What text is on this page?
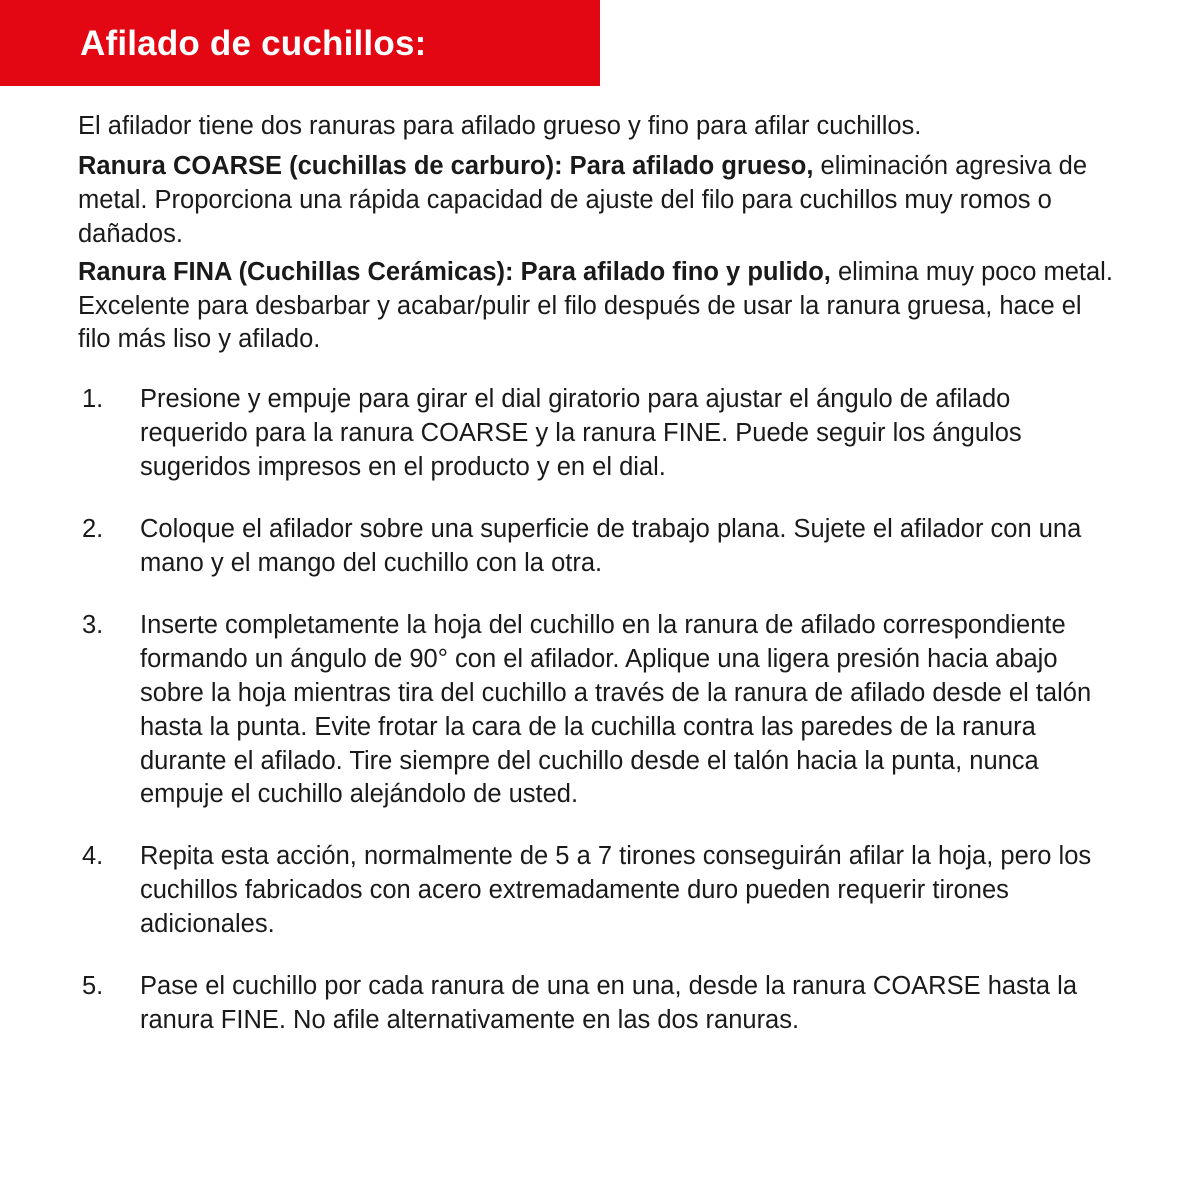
Afilado de cuchillos:

El afilador tiene dos ranuras para afilado grueso y fino para afilar cuchillos.

Ranura COARSE (cuchillas de carburo): Para afilado grueso, eliminación agresiva de metal. Proporciona una rápida capacidad de ajuste del filo para cuchillos muy romos o dañados.

Ranura FINA (Cuchillas Cerámicas): Para afilado fino y pulido, elimina muy poco metal. Excelente para desbarbar y acabar/pulir el filo después de usar la ranura gruesa, hace el filo más liso y afilado.

1.	Presione y empuje para girar el dial giratorio para ajustar el ángulo de afilado requerido para la ranura COARSE y la ranura FINE. Puede seguir los ángulos sugeridos impresos en el producto y en el dial.
2.	Coloque el afilador sobre una superficie de trabajo plana. Sujete el afilador con una mano y el mango del cuchillo con la otra.
3.	Inserte completamente la hoja del cuchillo en la ranura de afilado correspondiente formando un ángulo de 90° con el afilador. Aplique una ligera presión hacia abajo sobre la hoja mientras tira del cuchillo a través de la ranura de afilado desde el talón hasta la punta. Evite frotar la cara de la cuchilla contra las paredes de la ranura durante el afilado. Tire siempre del cuchillo desde el talón hacia la punta, nunca empuje el cuchillo alejándolo de usted.
4.	Repita esta acción, normalmente de 5 a 7 tirones conseguirán afilar la hoja, pero los cuchillos fabricados con acero extremadamente duro pueden requerir tirones adicionales.
5.	Pase el cuchillo por cada ranura de una en una, desde la ranura COARSE hasta la ranura FINE. No afile alternativamente en las dos ranuras.
